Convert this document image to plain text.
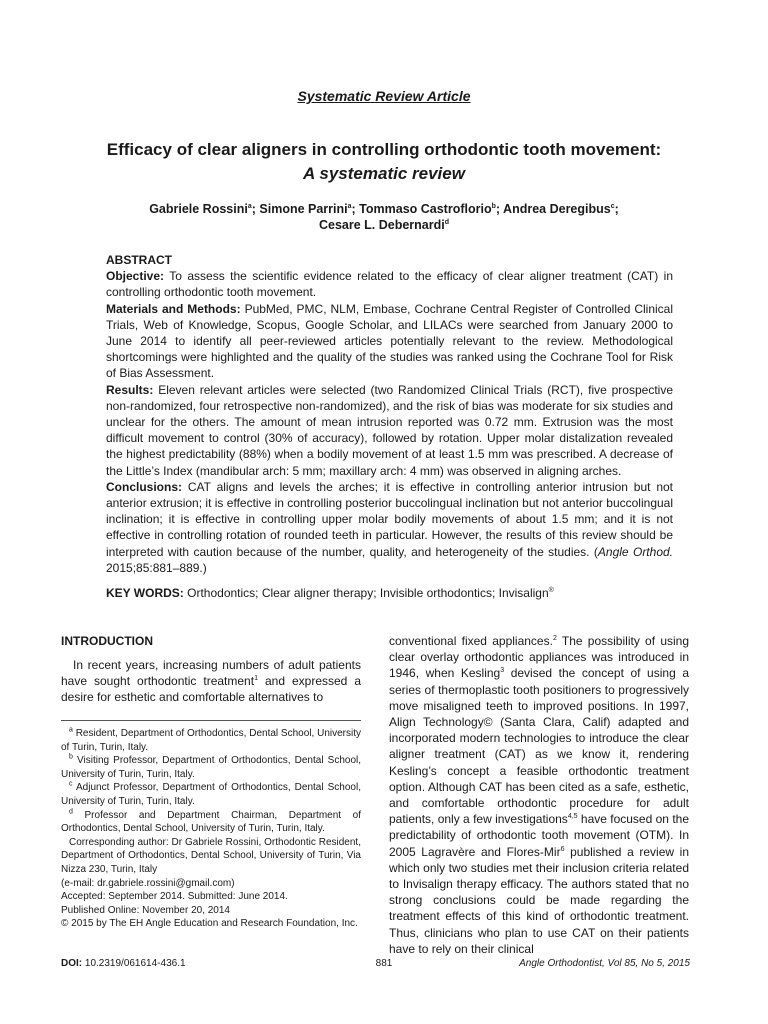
Systematic Review Article
Efficacy of clear aligners in controlling orthodontic tooth movement:
A systematic review
Gabriele Rossini$^a$; Simone Parrini$^a$; Tommaso Castroflorio$^b$; Andrea Deregibus$^c$;
Cesare L. Debernardi$^d$

ABSTRACT

Objective: To assess the scientific evidence related to the efficacy of clear aligner treatment (CAT) in controlling orthodontic tooth movement.

Materials and Methods: PubMed, PMC, NLM, Embase, Cochrane Central Register of Controlled Clinical Trials, Web of Knowledge, Scopus, Google Scholar, and LILACs were searched from January 2000 to June 2014 to identify all peer-reviewed articles potentially relevant to the review. Methodological shortcomings were highlighted and the quality of the studies was ranked using the Cochrane Tool for Risk of Bias Assessment.

Results: Eleven relevant articles were selected (two Randomized Clinical Trials (RCT), five prospective non-randomized, four retrospective non-randomized), and the risk of bias was moderate for six studies and unclear for the others. The amount of mean intrusion reported was 0.72 mm. Extrusion was the most difficult movement to control (30% of accuracy), followed by rotation. Upper molar distalization revealed the highest predictability (88%) when a bodily movement of at least 1.5 mm was prescribed. A decrease of the Little’s Index (mandibular arch: 5 mm; maxillary arch: 4 mm) was observed in aligning arches.

Conclusions: CAT aligns and levels the arches; it is effective in controlling anterior intrusion but not anterior extrusion; it is effective in controlling posterior buccolingual inclination but not anterior buccolingual inclination; it is effective in controlling upper molar bodily movements of about 1.5 mm; and it is not effective in controlling rotation of rounded teeth in particular. However, the results of this review should be interpreted with caution because of the number, quality, and heterogeneity of the studies. (Angle Orthod. 2015;85:881–889.)

KEY WORDS: Orthodontics; Clear aligner therapy; Invisible orthodontics; Invisalign®
INTRODUCTION
In recent years, increasing numbers of adult patients have sought orthodontic treatment$^1$ and expressed a desire for esthetic and comfortable alternatives to

$^a$ Resident, Department of Orthodontics, Dental School, University of Turin, Turin, Italy.

$^b$ Visiting Professor, Department of Orthodontics, Dental School, University of Turin, Turin, Italy.

$^c$ Adjunct Professor, Department of Orthodontics, Dental School, University of Turin, Turin, Italy.

$^d$ Professor and Department Chairman, Department of Orthodontics, Dental School, University of Turin, Turin, Italy.

Corresponding author: Dr Gabriele Rossini, Orthodontic Resident, Department of Orthodontics, Dental School, University of Turin, Via Nizza 230, Turin, Italy

(e-mail: dr.gabriele.rossini@gmail.com)

Accepted: September 2014. Submitted: June 2014.

Published Online: November 20, 2014

© 2015 by The EH Angle Education and Research Foundation, Inc.

conventional fixed appliances.$^2$ The possibility of using clear overlay orthodontic appliances was introduced in 1946, when Kesling$^3$ devised the concept of using a series of thermoplastic tooth positioners to progressively move misaligned teeth to improved positions. In 1997, Align Technology© (Santa Clara, Calif) adapted and incorporated modern technologies to introduce the clear aligner treatment (CAT) as we know it, rendering Kesling’s concept a feasible orthodontic treatment option. Although CAT has been cited as a safe, esthetic, and comfortable orthodontic procedure for adult patients, only a few investigations$^{4,5}$ have focused on the predictability of orthodontic tooth movement (OTM). In 2005 Lagravère and Flores-Mir$^6$ published a review in which only two studies met their inclusion criteria related to Invisalign therapy efficacy. The authors stated that no strong conclusions could be made regarding the treatment effects of this kind of orthodontic treatment. Thus, clinicians who plan to use CAT on their patients have to rely on their clinical
DOI: 10.2319/061614-436.1	881	Angle Orthodontist, Vol 85, No 5, 2015
